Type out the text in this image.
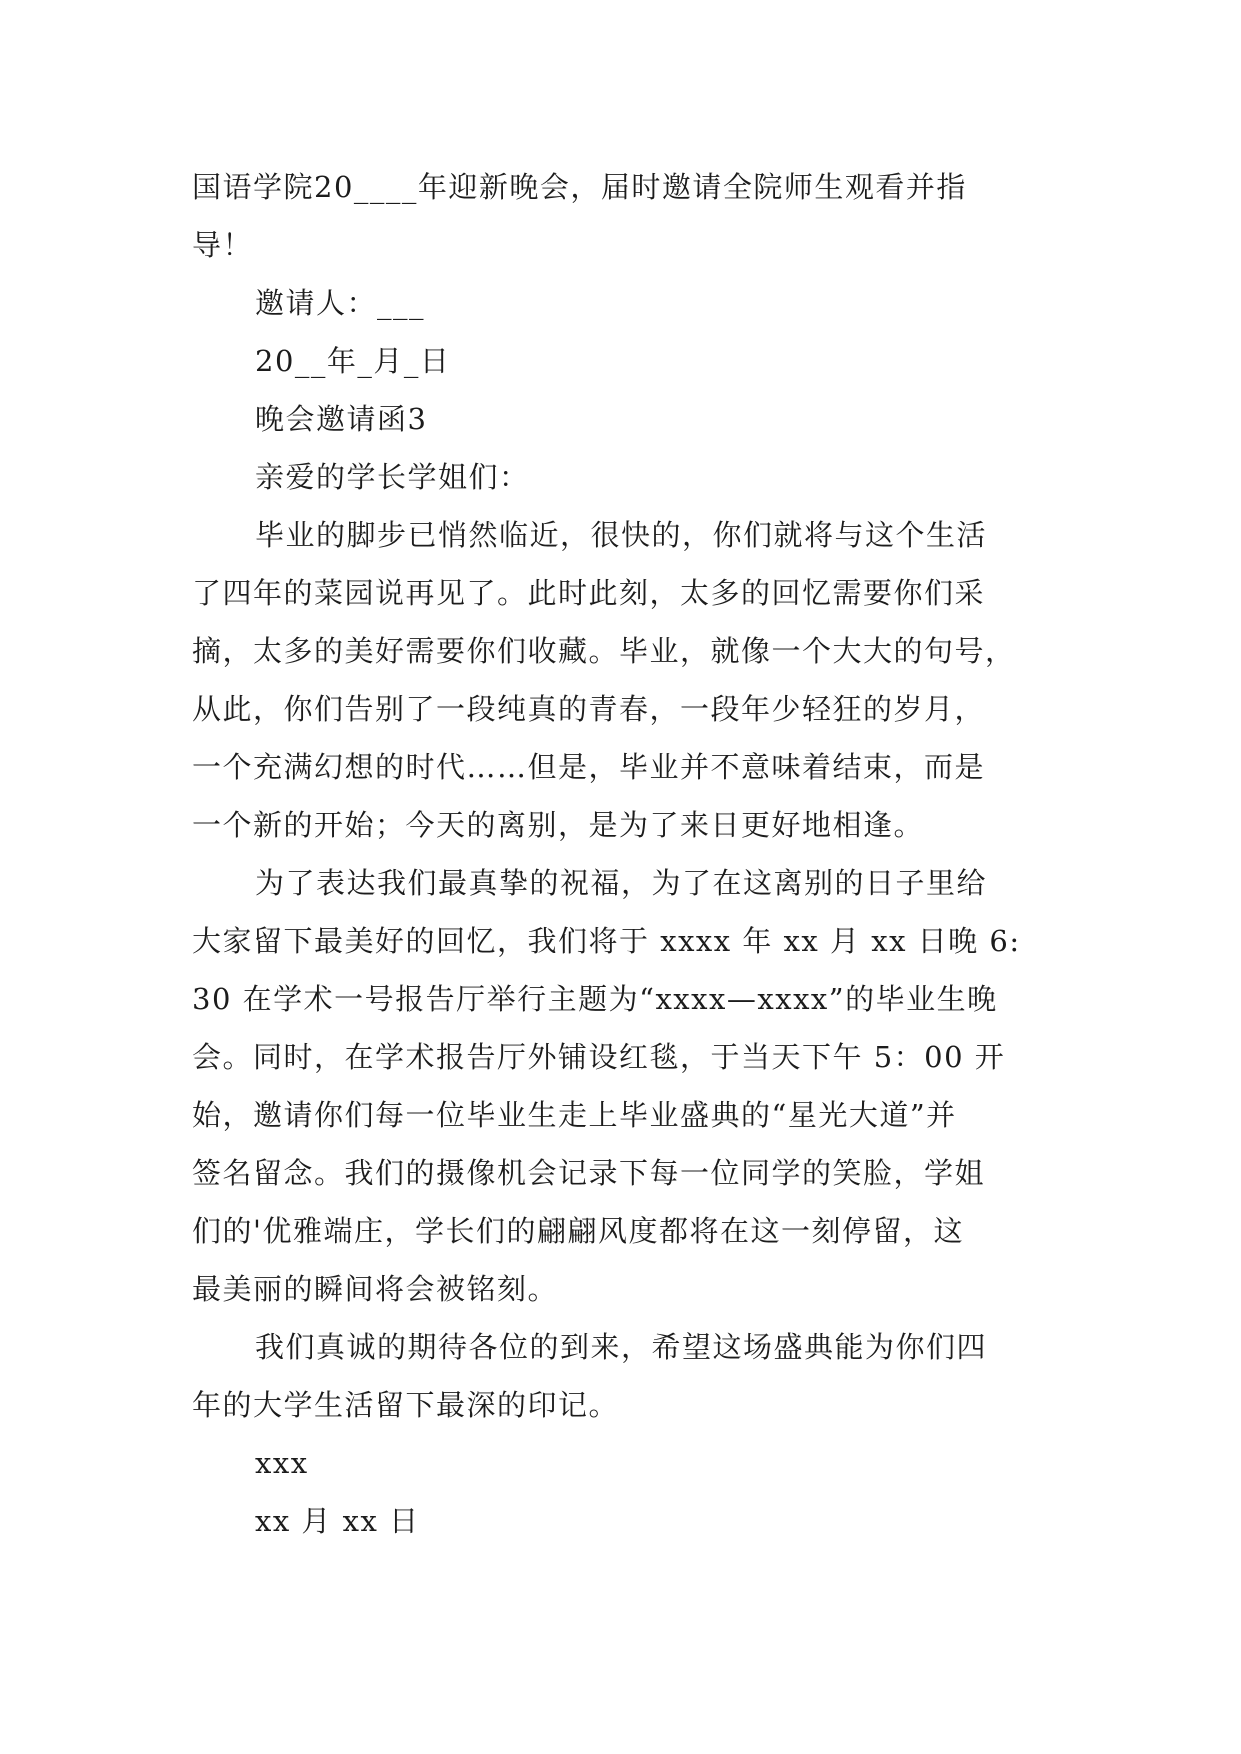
国语学院20____年迎新晚会，届时邀请全院师生观看并指
导！
邀请人：___
20__年_月_日
晚会邀请函3
亲爱的学长学姐们：
毕业的脚步已悄然临近，很快的，你们就将与这个生活
了四年的菜园说再见了。此时此刻，太多的回忆需要你们采
摘，太多的美好需要你们收藏。毕业，就像一个大大的句号，
从此，你们告别了一段纯真的青春，一段年少轻狂的岁月，
一个充满幻想的时代……但是，毕业并不意味着结束，而是
一个新的开始；今天的离别，是为了来日更好地相逢。
为了表达我们最真挚的祝福，为了在这离别的日子里给
大家留下最美好的回忆，我们将于 xxxx 年 xx 月 xx 日晚 6:
30 在学术一号报告厅举行主题为“xxxx—xxxx”的毕业生晚
会。同时，在学术报告厅外铺设红毯，于当天下午 5：00 开
始，邀请你们每一位毕业生走上毕业盛典的“星光大道”并
签名留念。我们的摄像机会记录下每一位同学的笑脸，学姐
们的'优雅端庄，学长们的翩翩风度都将在这一刻停留，这
最美丽的瞬间将会被铭刻。
我们真诚的期待各位的到来，希望这场盛典能为你们四
年的大学生活留下最深的印记。
xxx
xx 月 xx 日
